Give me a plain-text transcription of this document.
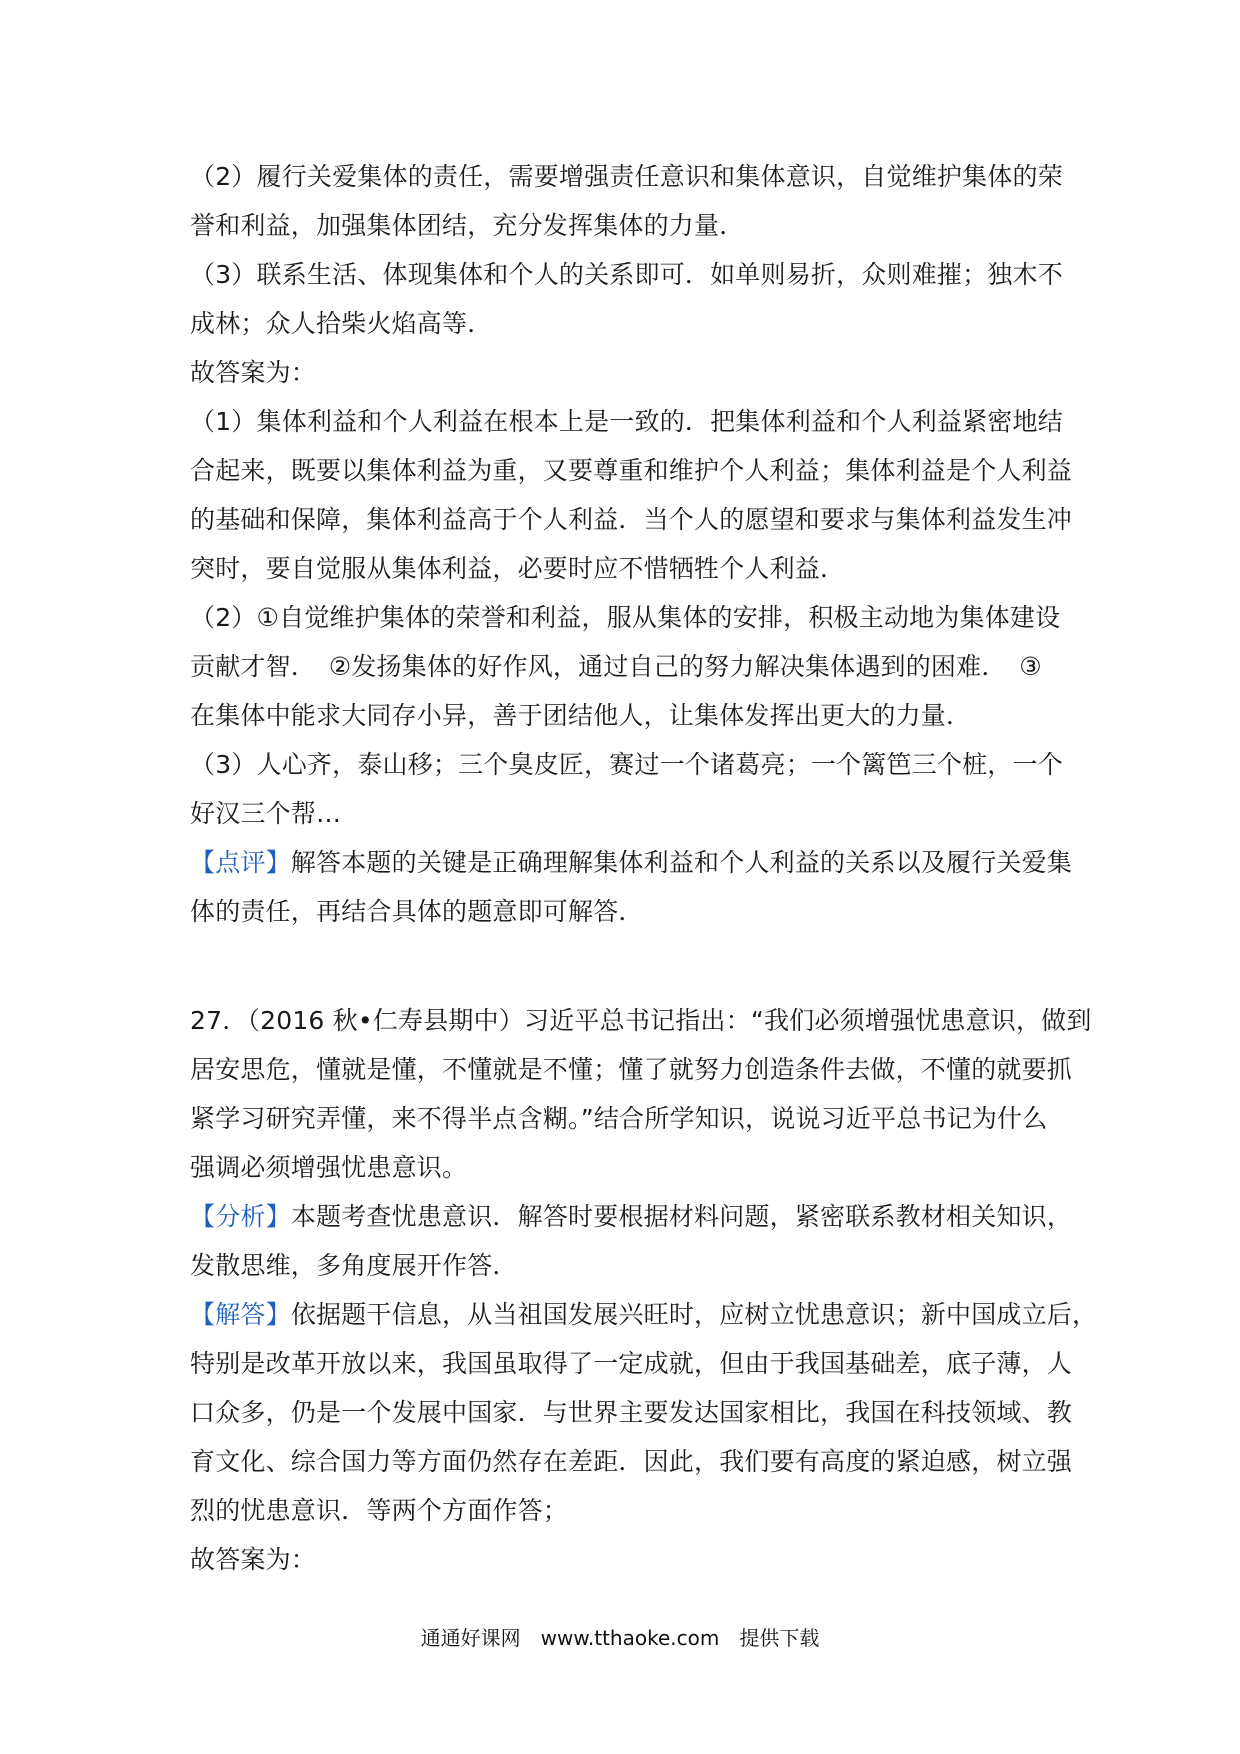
（2）履行关爱集体的责任，需要增强责任意识和集体意识，自觉维护集体的荣
誉和利益，加强集体团结，充分发挥集体的力量．
（3）联系生活、体现集体和个人的关系即可．如单则易折，众则难摧；独木不
成林；众人拾柴火焰高等．
故答案为：
（1）集体利益和个人利益在根本上是一致的．把集体利益和个人利益紧密地结
合起来，既要以集体利益为重，又要尊重和维护个人利益；集体利益是个人利益
的基础和保障，集体利益高于个人利益．当个人的愿望和要求与集体利益发生冲
突时，要自觉服从集体利益，必要时应不惜牺牲个人利益．
（2）①自觉维护集体的荣誉和利益，服从集体的安排，积极主动地为集体建设
贡献才智．　②发扬集体的好作风，通过自己的努力解决集体遇到的困难．　③
在集体中能求大同存小异，善于团结他人，让集体发挥出更大的力量．
（3）人心齐，泰山移；三个臭皮匠，赛过一个诸葛亮；一个篱笆三个桩，一个
好汉三个帮…
【点评】解答本题的关键是正确理解集体利益和个人利益的关系以及履行关爱集
体的责任，再结合具体的题意即可解答．
27．（2016 秋•仁寿县期中）习近平总书记指出：“我们必须增强忧患意识，做到
居安思危，懂就是懂，不懂就是不懂；懂了就努力创造条件去做，不懂的就要抓
紧学习研究弄懂，来不得半点含糊。”结合所学知识，说说习近平总书记为什么
强调必须增强忧患意识。
【分析】本题考查忧患意识．解答时要根据材料问题，紧密联系教材相关知识，
发散思维，多角度展开作答．
【解答】依据题干信息，从当祖国发展兴旺时，应树立忧患意识；新中国成立后，
特别是改革开放以来，我国虽取得了一定成就，但由于我国基础差，底子薄，人
口众多，仍是一个发展中国家．与世界主要发达国家相比，我国在科技领域、教
育文化、综合国力等方面仍然存在差距．因此，我们要有高度的紧迫感，树立强
烈的忧患意识．等两个方面作答；
故答案为：
通通好课网　www.tthaoke.com　提供下载
